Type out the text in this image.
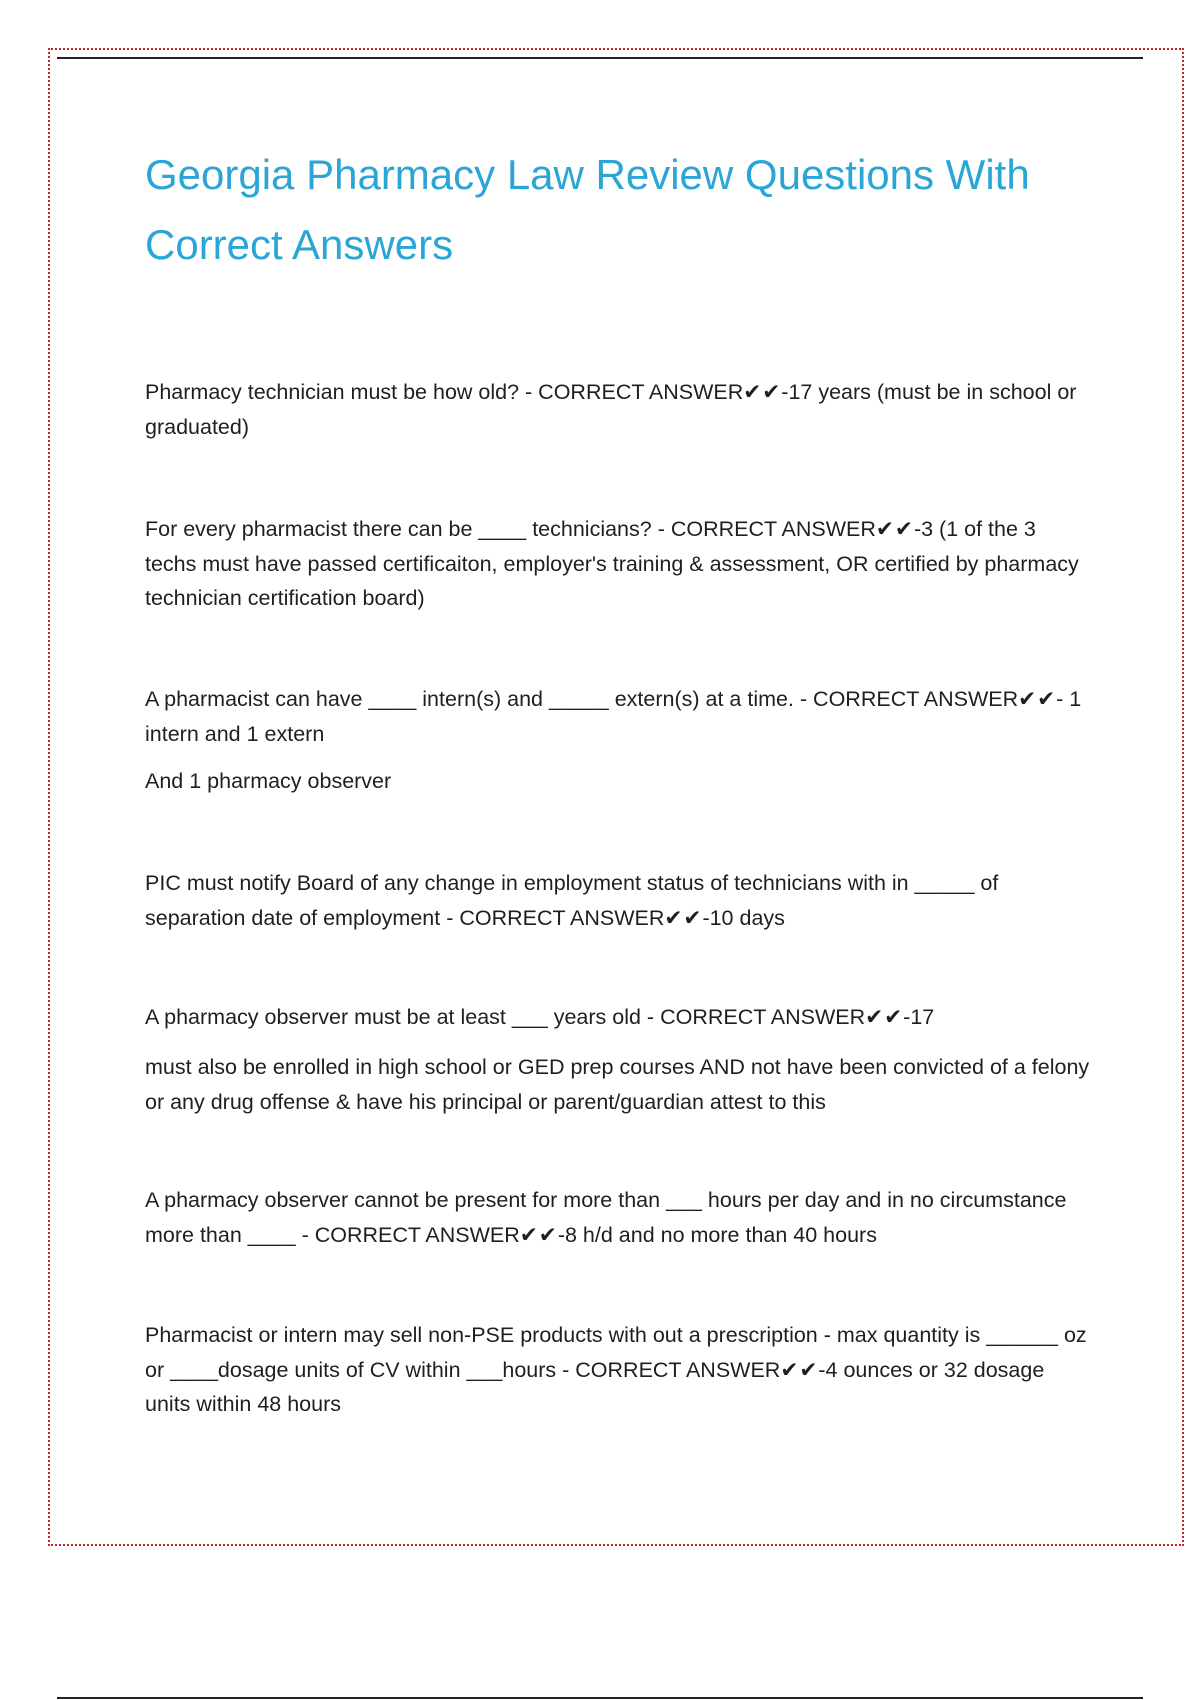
Georgia Pharmacy Law Review Questions With Correct Answers

Pharmacy technician must be how old? - CORRECT ANSWER✔✔-17 years (must be in school or graduated)

For every pharmacist there can be ____ technicians? - CORRECT ANSWER✔✔-3 (1 of the 3 techs must have passed certificaiton, employer's training & assessment, OR certified by pharmacy technician certification board)

A pharmacist can have ____ intern(s) and _____ extern(s) at a time. - CORRECT ANSWER✔✔- 1 intern and 1 extern

And 1 pharmacy observer

PIC must notify Board of any change in employment status of technicians with in _____ of separation date of employment - CORRECT ANSWER✔✔-10 days

A pharmacy observer must be at least ___ years old - CORRECT ANSWER✔✔-17

must also be enrolled in high school or GED prep courses AND not have been convicted of a felony or any drug offense & have his principal or parent/guardian attest to this

A pharmacy observer cannot be present for more than ___ hours per day and in no circumstance more than ____ - CORRECT ANSWER✔✔-8 h/d and no more than 40 hours

Pharmacist or intern may sell non-PSE products with out a prescription - max quantity is ______ oz or ____dosage units of CV within ___hours - CORRECT ANSWER✔✔-4 ounces or 32 dosage units within 48 hours
